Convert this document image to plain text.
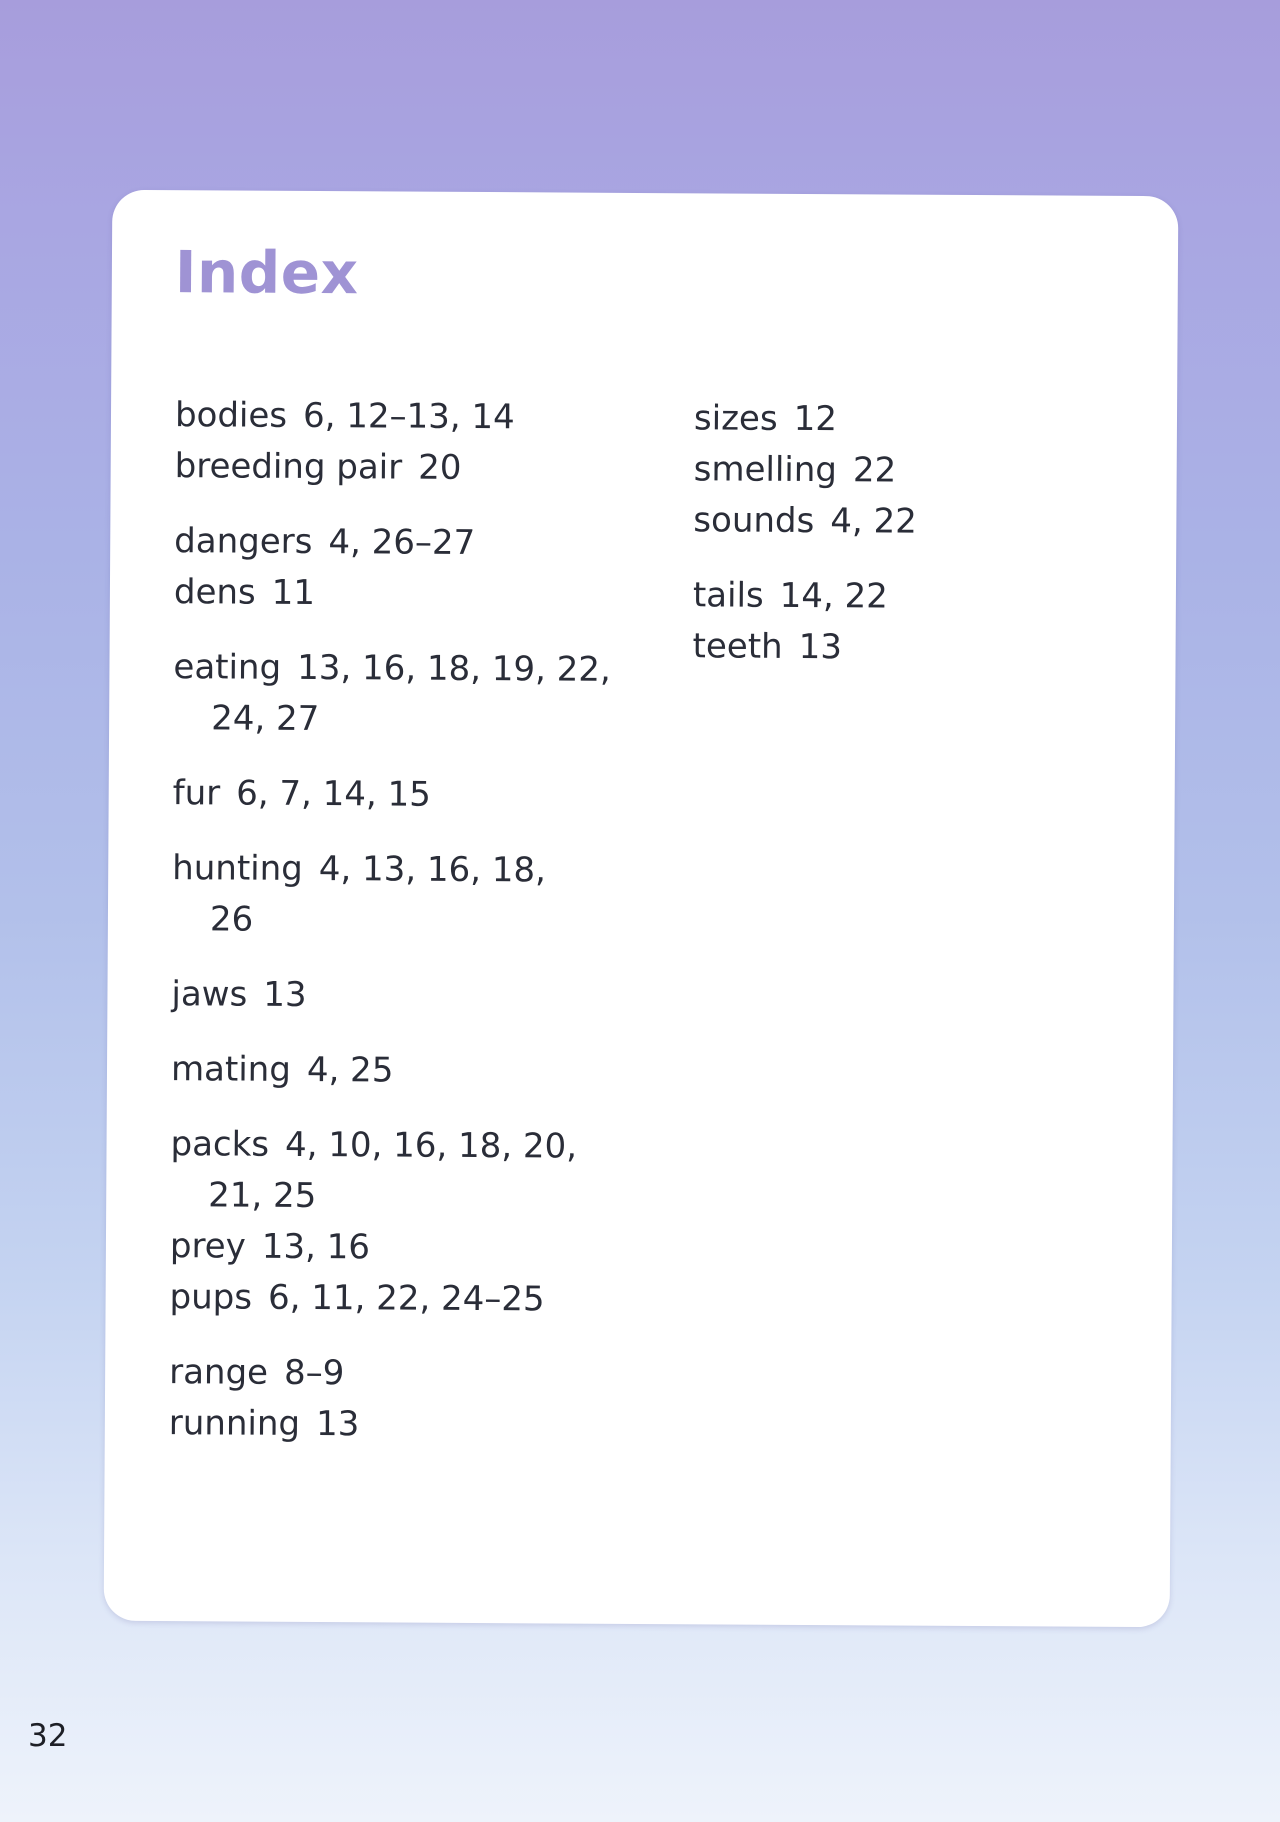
Index
bodies 6, 12–13, 14
breeding pair 20
dangers 4, 26–27
dens 11
eating 13, 16, 18, 19, 22, 24, 27
fur 6, 7, 14, 15
hunting 4, 13, 16, 18, 26
jaws 13
mating 4, 25
packs 4, 10, 16, 18, 20, 21, 25
prey 13, 16
pups 6, 11, 22, 24–25
range 8–9
running 13
sizes 12
smelling 22
sounds 4, 22
tails 14, 22
teeth 13
32
